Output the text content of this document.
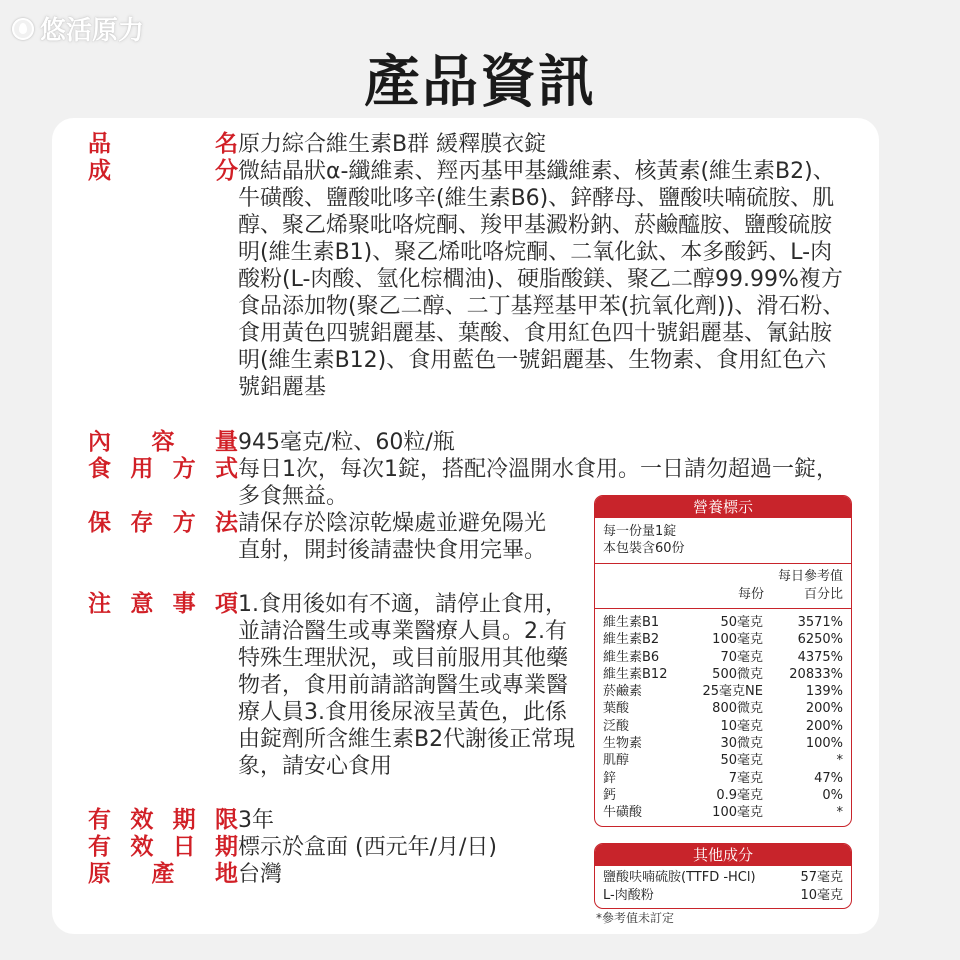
悠活原力
產品資訊
品	名 原力綜合維生素B群 緩釋膜衣錠
成	分 微結晶狀α-纖維素、羥丙基甲基纖維素、核黃素(維生素B2)、牛磺酸、鹽酸吡哆辛(維生素B6)、鋅酵母、鹽酸呋喃硫胺、肌醇、聚乙烯聚吡咯烷酮、羧甲基澱粉鈉、菸鹼醯胺、鹽酸硫胺明(維生素B1)、聚乙烯吡咯烷酮、二氧化鈦、本多酸鈣、L-肉酸粉(L-肉酸、氫化棕櫚油)、硬脂酸鎂、聚乙二醇99.99%複方食品添加物(聚乙二醇、二丁基羥基甲苯(抗氧化劑))、滑石粉、食用黃色四號鋁麗基、葉酸、食用紅色四十號鋁麗基、氰鈷胺明(維生素B12)、食用藍色一號鋁麗基、生物素、食用紅色六號鋁麗基
內 容 量 945毫克/粒、60粒/瓶
食 用 方 式 每日1次，每次1錠，搭配冷溫開水食用。一日請勿超過一錠，多食無益。
保 存 方 法 請保存於陰涼乾燥處並避免陽光直射，開封後請盡快食用完畢。
注 意 事 項 1.食用後如有不適，請停止食用，並請洽醫生或專業醫療人員。2.有特殊生理狀況，或目前服用其他藥物者，食用前請諮詢醫生或專業醫療人員3.食用後尿液呈黃色，此係由錠劑所含維生素B2代謝後正常現象，請安心食用
有 效 期 限 3年
有 效 日 期 標示於盒面 (西元年/月/日)
原 產 地 台灣
營養標示
每一份量1錠
本包裝含60份
每日參考值
每份	百分比
維生素B1	50毫克	3571%
維生素B2	100毫克	6250%
維生素B6	70毫克	4375%
維生素B12	500微克	20833%
菸鹼素	25毫克NE	139%
葉酸	800微克	200%
泛酸	10毫克	200%
生物素	30微克	100%
肌醇	50毫克	*
鋅	7毫克	47%
鈣	0.9毫克	0%
牛磺酸	100毫克	*
其他成分
鹽酸呋喃硫胺(TTFD -HCl)	57毫克
L-肉酸粉	10毫克
*參考值未訂定
